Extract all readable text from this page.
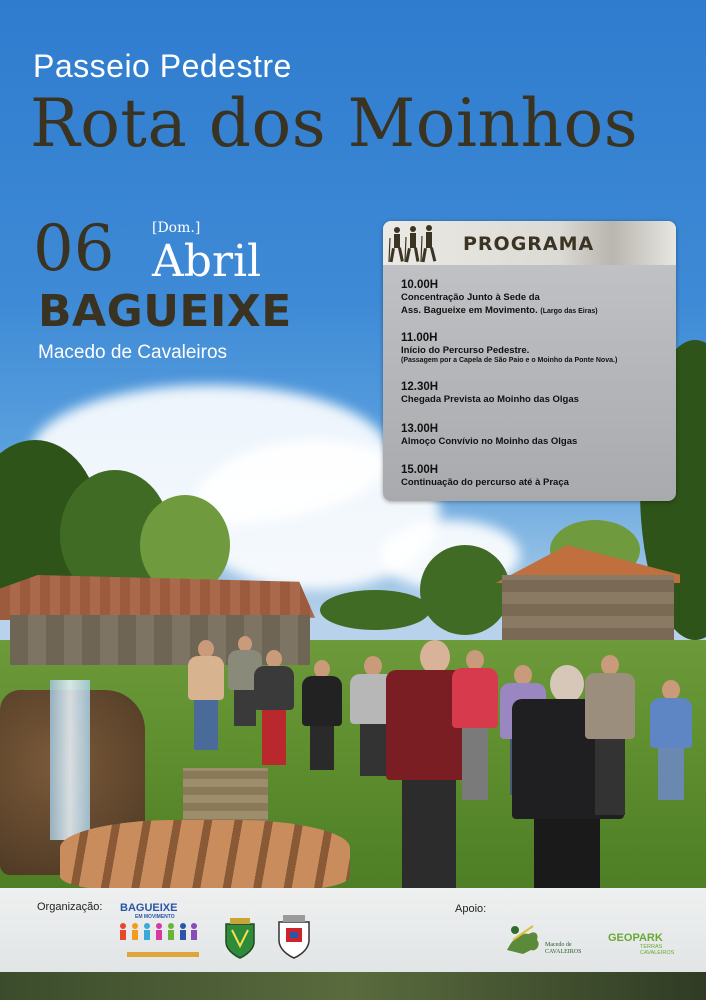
Passeio Pedestre
Rota dos Moinhos
06	[Dom.]
Abril
BAGUEIXE
Macedo de Cavaleiros
PROGRAMA
10.00H
Concentração Junto à Sede da
Ass. Bagueixe em Movimento. (Largo das Eiras)
11.00H
Início do Percurso Pedestre.
(Passagem por a Capela de São Paio e o Moinho da Ponte Nova.)
12.30H
Chegada Prevista ao Moinho das Olgas
13.00H
Almoço Convívio no Moinho das Olgas
15.00H
Continuação do percurso até à Praça
Organização:	Apoio:
BAGUEIXE
EM MOVIMENTO
Macedo de
CAVALEIROS
GEOPARK
TERRAS
CAVALEIROS
